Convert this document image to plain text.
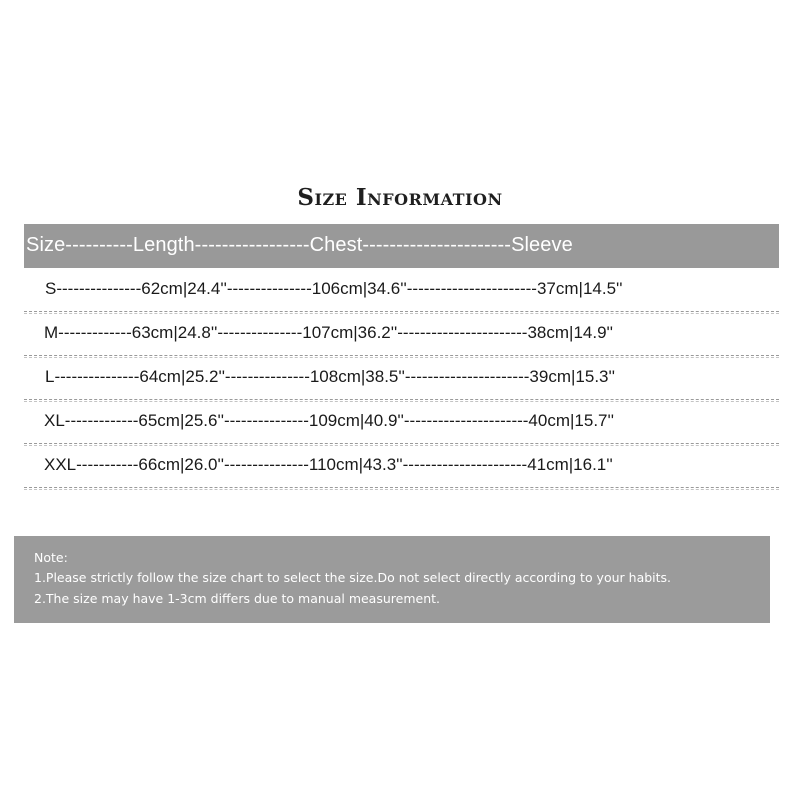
Size Information
Size----------Length-----------------Chest----------------------Sleeve
S---------------62cm|24.4''---------------106cm|34.6''-----------------------37cm|14.5''
M-------------63cm|24.8''---------------107cm|36.2''-----------------------38cm|14.9''
L---------------64cm|25.2''---------------108cm|38.5''----------------------39cm|15.3''
XL-------------65cm|25.6''---------------109cm|40.9''----------------------40cm|15.7''
XXL-----------66cm|26.0''---------------110cm|43.3''----------------------41cm|16.1''
Note:
1.Please strictly follow the size chart to select the size.Do not select directly according to your habits.
2.The size may have 1-3cm differs due to manual measurement.
